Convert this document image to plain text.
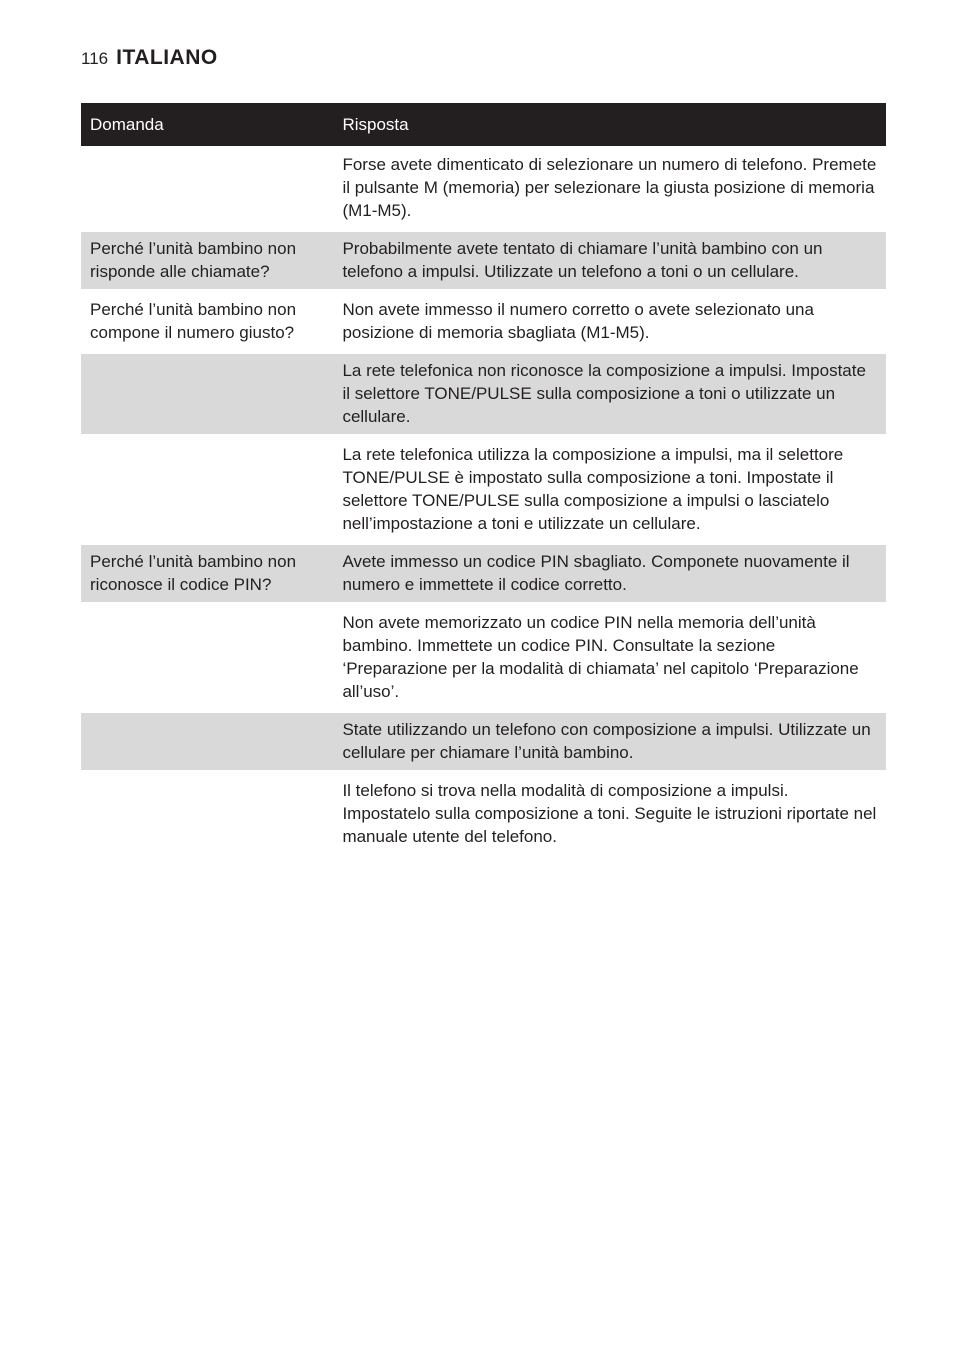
116 ITALIANO
Domanda	Risposta
	Forse avete dimenticato di selezionare un numero di telefono. Premete il pulsante M (memoria) per selezionare la giusta posizione di memoria (M1-M5).
Perché l’unità bambino non risponde alle chiamate?	Probabilmente avete tentato di chiamare l’unità bambino con un telefono a impulsi. Utilizzate un telefono a toni o un cellulare.
Perché l’unità bambino non compone il numero giusto?	Non avete immesso il numero corretto o avete selezionato una posizione di memoria sbagliata (M1-M5).
	La rete telefonica non riconosce la composizione a impulsi. Impostate il selettore TONE/PULSE sulla composizione a toni o utilizzate un cellulare.
	La rete telefonica utilizza la composizione a impulsi, ma il selettore TONE/PULSE è impostato sulla composizione a toni. Impostate il selettore TONE/PULSE sulla composizione a impulsi o lasciatelo nell’impostazione a toni e utilizzate un cellulare.
Perché l’unità bambino non riconosce il codice PIN?	Avete immesso un codice PIN sbagliato. Componete nuovamente il numero e immettete il codice corretto.
	Non avete memorizzato un codice PIN nella memoria dell’unità bambino. Immettete un codice PIN. Consultate la sezione ‘Preparazione per la modalità di chiamata’ nel capitolo ‘Preparazione all’uso’.
	State utilizzando un telefono con composizione a impulsi. Utilizzate un cellulare per chiamare l’unità bambino.
	Il telefono si trova nella modalità di composizione a impulsi. Impostatelo sulla composizione a toni. Seguite le istruzioni riportate nel manuale utente del telefono.
